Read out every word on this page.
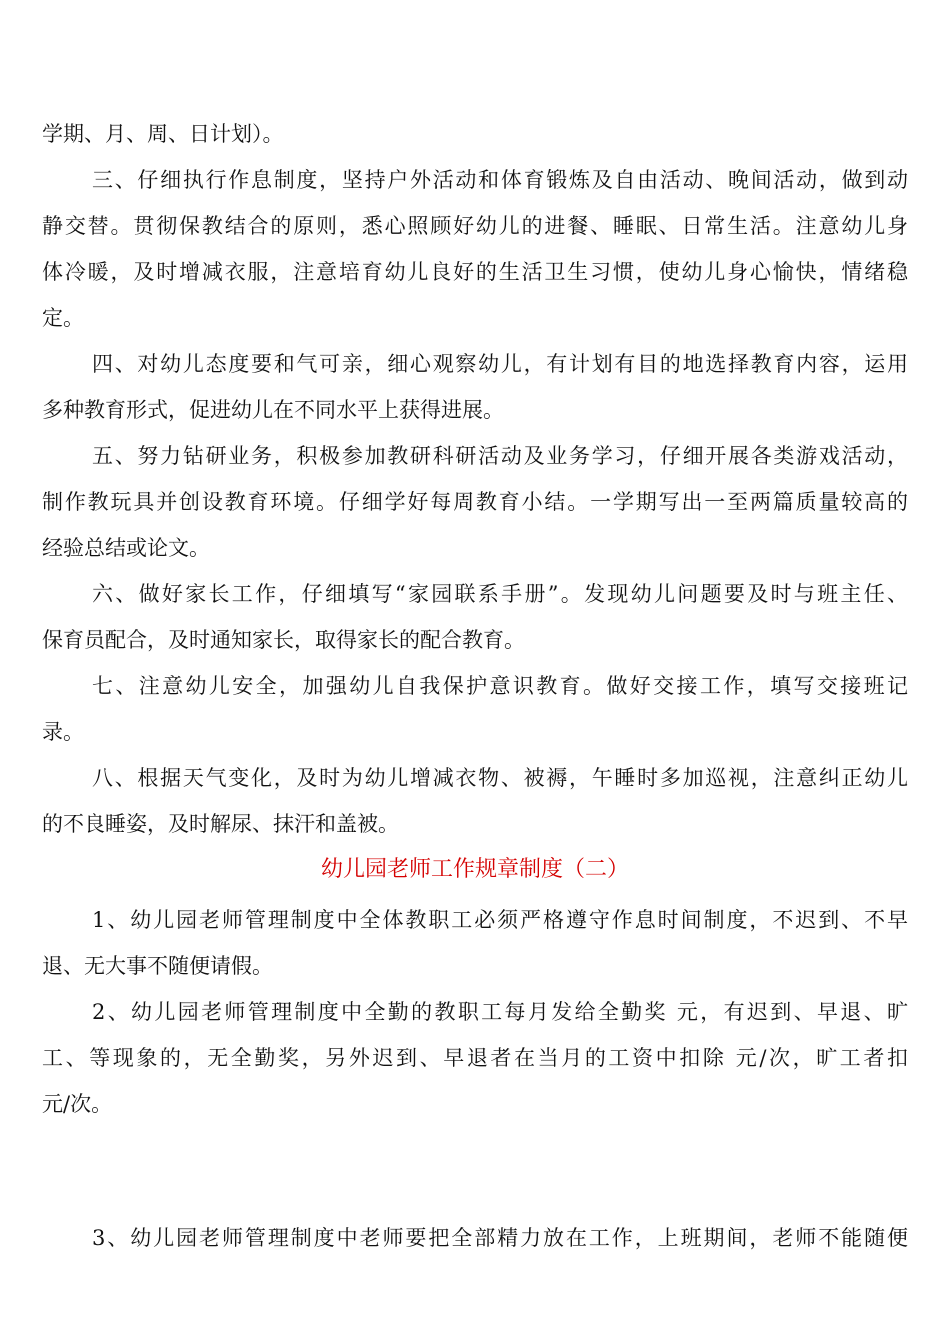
学期、月、周、日计划）。
三、仔细执行作息制度，坚持户外活动和体育锻炼及自由活动、晚间活动，做到动
静交替。贯彻保教结合的原则，悉心照顾好幼儿的进餐、睡眠、日常生活。注意幼儿身
体冷暖，及时增减衣服，注意培育幼儿良好的生活卫生习惯，使幼儿身心愉快，情绪稳
定。
四、对幼儿态度要和气可亲，细心观察幼儿，有计划有目的地选择教育内容，运用
多种教育形式，促进幼儿在不同水平上获得进展。
五、努力钻研业务，积极参加教研科研活动及业务学习，仔细开展各类游戏活动，
制作教玩具并创设教育环境。仔细学好每周教育小结。一学期写出一至两篇质量较高的
经验总结或论文。
六、做好家长工作，仔细填写“家园联系手册”。发现幼儿问题要及时与班主任、
保育员配合，及时通知家长，取得家长的配合教育。
七、注意幼儿安全，加强幼儿自我保护意识教育。做好交接工作，填写交接班记
录。
八、根据天气变化，及时为幼儿增减衣物、被褥，午睡时多加巡视，注意纠正幼儿
的不良睡姿，及时解尿、抹汗和盖被。
幼儿园老师工作规章制度（二）
1、幼儿园老师管理制度中全体教职工必须严格遵守作息时间制度，不迟到、不早
退、无大事不随便请假。
2、幼儿园老师管理制度中全勤的教职工每月发给全勤奖 元，有迟到、早退、旷
工、等现象的，无全勤奖，另外迟到、早退者在当月的工资中扣除 元/次，旷工者扣
元/次。
3、幼儿园老师管理制度中老师要把全部精力放在工作，上班期间，老师不能随便
